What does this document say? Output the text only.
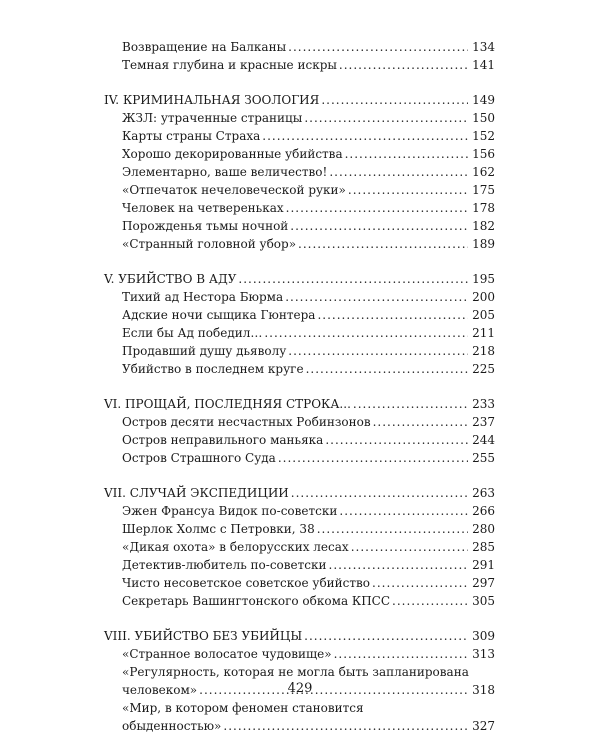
Возвращение на Балканы .....	134
Темная глубина и красные искры .....	141
IV. КРИМИНАЛЬНАЯ ЗООЛОГИЯ .....	149
ЖЗЛ: утраченные страницы .....	150
Карты страны Страха .....	152
Хорошо декорированные убийства .....	156
Элементарно, ваше величество! .....	162
«Отпечаток нечеловеческой руки» .....	175
Человек на четвереньках .....	178
Порожденья тьмы ночной .....	182
«Странный головной убор» .....	189
V. УБИЙСТВО В АДУ .....	195
Тихий ад Нестора Бюрма .....	200
Адские ночи сыщика Гюнтера .....	205
Если бы Ад победил… .....	211
Продавший душу дьяволу .....	218
Убийство в последнем круге .....	225
VI. ПРОЩАЙ, ПОСЛЕДНЯЯ СТРОКА... .....	233
Остров десяти несчастных Робинзонов .....	237
Остров неправильного маньяка .....	244
Остров Страшного Суда .....	255
VII. СЛУЧАЙ ЭКСПЕДИЦИИ .....	263
Эжен Франсуа Видок по-советски .....	266
Шерлок Холмс с Петровки, 38 .....	280
«Дикая охота» в белорусских лесах .....	285
Детектив-любитель по-советски .....	291
Чисто несоветское советское убийство .....	297
Секретарь Вашингтонского обкома КПСС .....	305
VIII. УБИЙСТВО БЕЗ УБИЙЦЫ .....	309
«Странное волосатое чудовище» .....	313
«Регулярность, которая не могла быть запланирована
человеком» .....	318
«Мир, в котором феномен становится
обыденностью» .....	327
429
